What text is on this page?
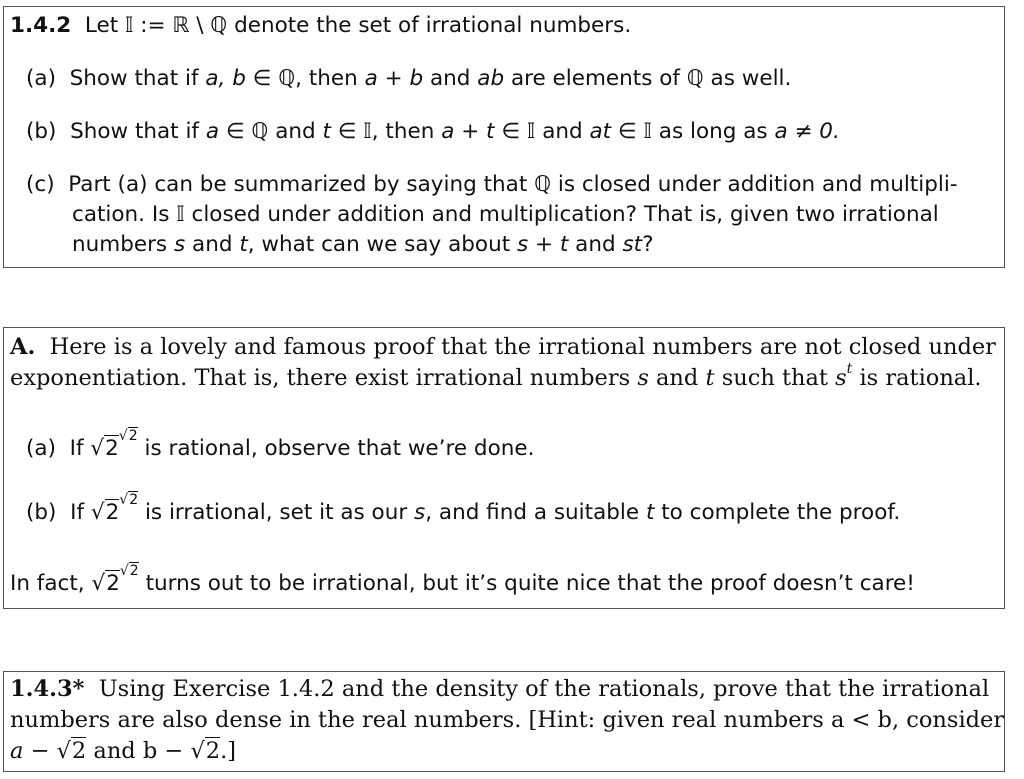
1.4.2 Let 𝕀 := ℝ \ ℚ denote the set of irrational numbers.
(a) Show that if a, b ∈ ℚ, then a + b and ab are elements of ℚ as well.
(b) Show that if a ∈ ℚ and t ∈ 𝕀, then a + t ∈ 𝕀 and at ∈ 𝕀 as long as a ≠ 0.
(c) Part (a) can be summarized by saying that ℚ is closed under addition and multipli-
cation. Is 𝕀 closed under addition and multiplication? That is, given two irrational
numbers s and t, what can we say about s + t and st?
A. Here is a lovely and famous proof that the irrational numbers are not closed under
exponentiation. That is, there exist irrational numbers s and t such that $s^t$ is rational.
(a) If √2√2 is rational, observe that we’re done.
(b) If √2√2 is irrational, set it as our s, and find a suitable t to complete the proof.
In fact, √2√2 turns out to be irrational, but it’s quite nice that the proof doesn’t care!
1.4.3* Using Exercise 1.4.2 and the density of the rationals, prove that the irrational
numbers are also dense in the real numbers. [Hint: given real numbers a < b, consider
a − √2 and b − √2.]
